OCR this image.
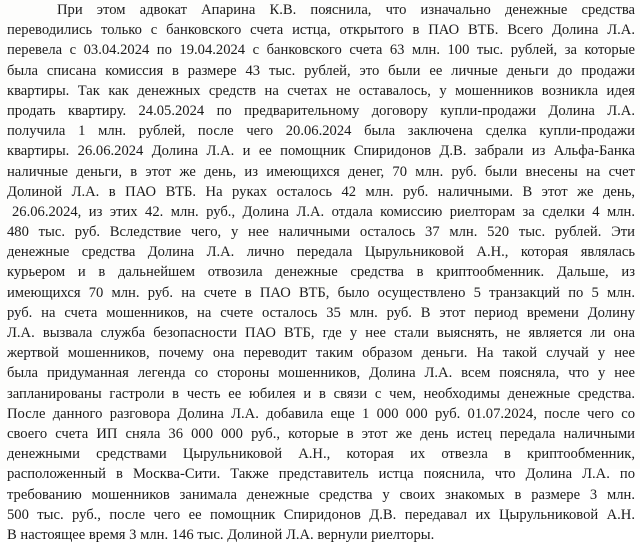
При этом адвокат Апарина К.В. пояснила, что изначально денежные средства
переводились только с банковского счета истца, открытого в ПАО ВТБ. Всего Долина Л.А.
перевела с 03.04.2024 по 19.04.2024 с банковского счета 63 млн. 100 тыс. рублей, за которые
была списана комиссия в размере 43 тыс. рублей, это были ее личные деньги до продажи
квартиры. Так как денежных средств на счетах не оставалось, у мошенников возникла идея
продать квартиру. 24.05.2024 по предварительному договору купли-продажи Долина Л.А.
получила 1 млн. рублей, после чего 20.06.2024 была заключена сделка купли-продажи
квартиры. 26.06.2024 Долина Л.А. и ее помощник Спиридонов Д.В. забрали из Альфа-Банка
наличные деньги, в этот же день, из имеющихся денег, 70 млн. руб. были внесены на счет
Долиной Л.А. в ПАО ВТБ. На руках осталось 42 млн. руб. наличными. В этот же день,
26.06.2024, из этих 42. млн. руб., Долина Л.А. отдала комиссию риелторам за сделки 4 млн.
480 тыс. руб. Вследствие чего, у нее наличными осталось 37 млн. 520 тыс. рублей. Эти
денежные средства Долина Л.А. лично передала Цырульниковой А.Н., которая являлась
курьером и в дальнейшем отвозила денежные средства в криптообменник. Дальше, из
имеющихся 70 млн. руб. на счете в ПАО ВТБ, было осуществлено 5 транзакций по 5 млн.
руб. на счета мошенников, на счете осталось 35 млн. руб. В этот период времени Долину
Л.А. вызвала служба безопасности ПАО ВТБ, где у нее стали выяснять, не является ли она
жертвой мошенников, почему она переводит таким образом деньги. На такой случай у нее
была придуманная легенда со стороны мошенников, Долина Л.А. всем поясняла, что у нее
запланированы гастроли в честь ее юбилея и в связи с чем, необходимы денежные средства.
После данного разговора Долина Л.А. добавила еще 1 000 000 руб. 01.07.2024, после чего со
своего счета ИП сняла 36 000 000 руб., которые в этот же день истец передала наличными
денежными средствами Цырульниковой А.Н., которая их отвезла в криптообменник,
расположенный в Москва-Сити. Также представитель истца пояснила, что Долина Л.А. по
требованию мошенников занимала денежные средства у своих знакомых в размере 3 млн.
500 тыс. руб., после чего ее помощник Спиридонов Д.В. передавал их Цырульниковой А.Н.
В настоящее время 3 млн. 146 тыс. Долиной Л.А. вернули риелторы.
